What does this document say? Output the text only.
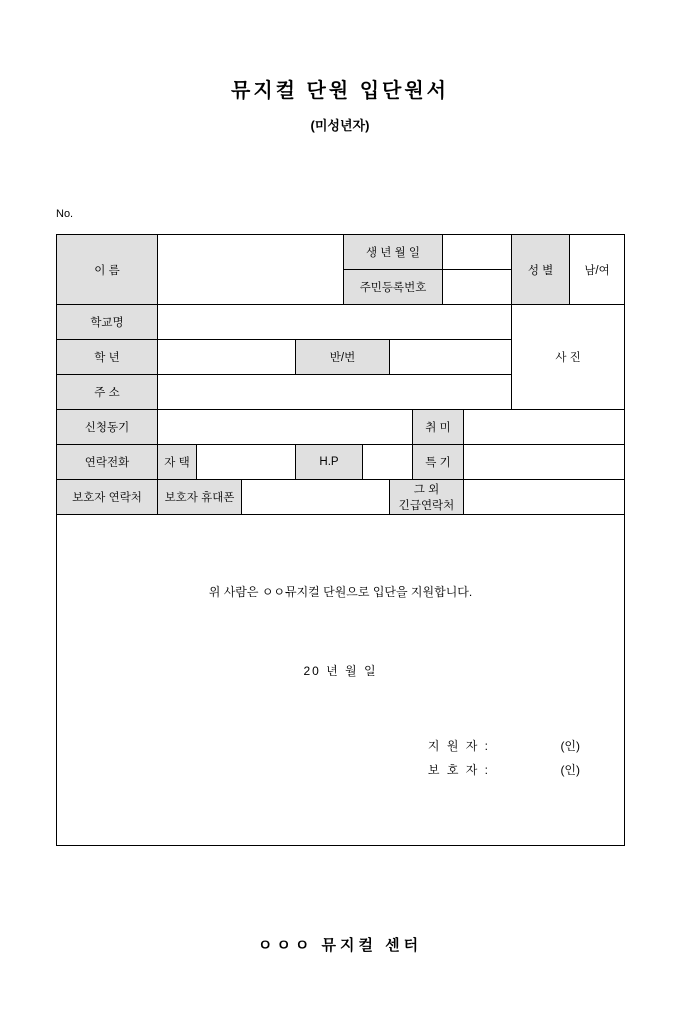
뮤지컬 단원 입단원서
(미성년자)
No.
이 름					생 년 월 일						성 별	남/여
					주민등록번호							
학교명											사 진	
학 년				반/번								
주 소												
신청동기								취 미				
연락전화	자 택			H.P				특 기				
보호자 연락처	보호자 휴대폰						그 외
긴급연락처					

위 사람은 ㅇㅇ뮤지컬 단원으로 입단을 지원합니다.
20 년 월 일
지 원 자 :	(인)
보 호 자 :	(인)
ㅇㅇㅇ 뮤지컬 센터
